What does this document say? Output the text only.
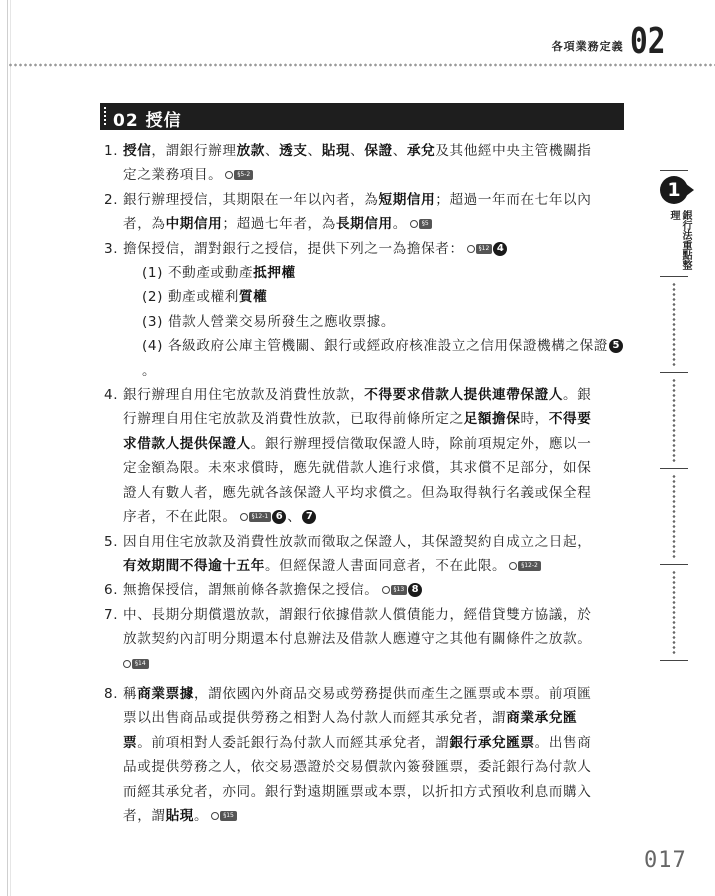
各項業務定義 02
1
銀行法重點整理
02 授信
1. 授信，謂銀行辦理放款、透支、貼現、保證、承兌及其他經中央主管機關指
定之業務項目。	§5-2
2. 銀行辦理授信，其期限在一年以內者，為短期信用；超過一年而在七年以內
者，為中期信用；超過七年者，為長期信用。	§5
3. 擔保授信，謂對銀行之授信，提供下列之一為擔保者：	§12 4
(1) 不動產或動產抵押權
(2) 動產或權利質權
(3) 借款人營業交易所發生之應收票據。
(4) 各級政府公庫主管機關、銀行或經政府核准設立之信用保證機構之保證 5。
4. 銀行辦理自用住宅放款及消費性放款，不得要求借款人提供連帶保證人。銀
行辦理自用住宅放款及消費性放款，已取得前條所定之足額擔保時，不得要
求借款人提供保證人。銀行辦理授信徵取保證人時，除前項規定外，應以一
定金額為限。未來求償時，應先就借款人進行求償，其求償不足部分，如保
證人有數人者，應先就各該保證人平均求償之。但為取得執行名義或保全程
序者，不在此限。	§12-1 6 、 7
5. 因自用住宅放款及消費性放款而徵取之保證人，其保證契約自成立之日起，
有效期間不得逾十五年。但經保證人書面同意者，不在此限。	§12-2
6. 無擔保授信，謂無前條各款擔保之授信。	§13 8
7. 中、長期分期償還放款，謂銀行依據借款人償債能力，經借貸雙方協議，於
放款契約內訂明分期還本付息辦法及借款人應遵守之其他有關條件之放款。
§14
8. 稱商業票據，謂依國內外商品交易或勞務提供而產生之匯票或本票。前項匯
票以出售商品或提供勞務之相對人為付款人而經其承兌者，謂商業承兌匯
票。前項相對人委託銀行為付款人而經其承兌者，謂銀行承兌匯票。出售商
品或提供勞務之人，依交易憑證於交易價款內簽發匯票，委託銀行為付款人
而經其承兌者，亦同。銀行對遠期匯票或本票，以折扣方式預收利息而購入
者，謂貼現。	§15
017
